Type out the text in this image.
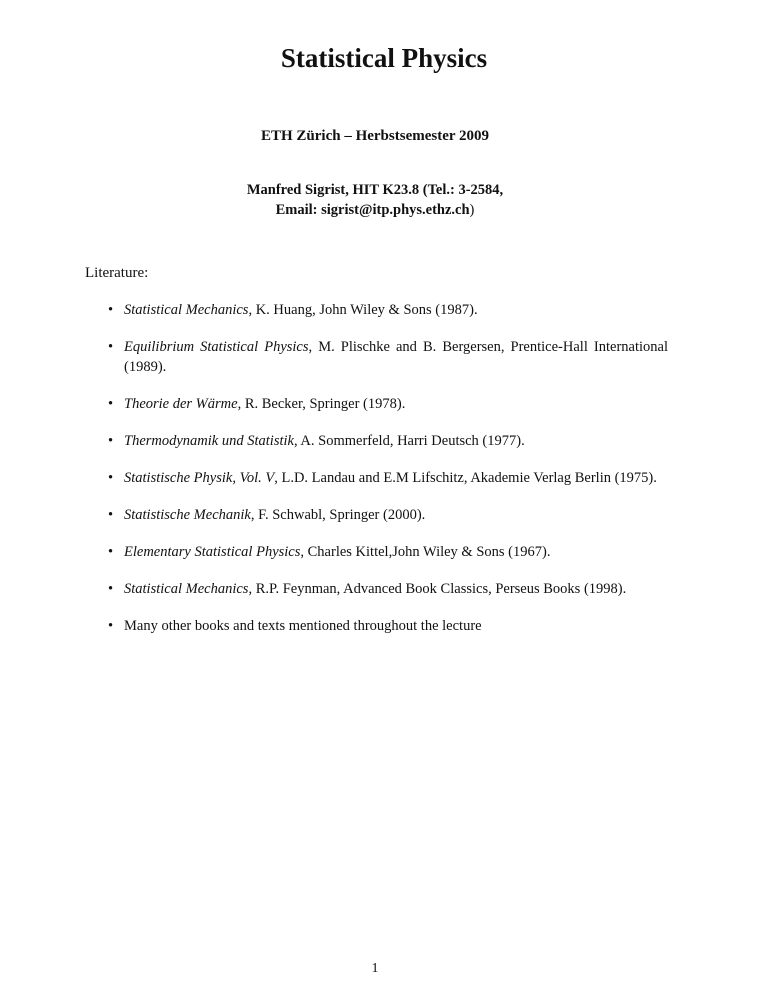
Statistical Physics
ETH Zürich – Herbstsemester 2009
Manfred Sigrist, HIT K23.8 (Tel.: 3-2584,
Email: sigrist@itp.phys.ethz.ch)
Literature:
• Statistical Mechanics, K. Huang, John Wiley & Sons (1987).
• Equilibrium Statistical Physics, M. Plischke and B. Bergersen, Prentice-Hall International (1989).
• Theorie der Wärme, R. Becker, Springer (1978).
• Thermodynamik und Statistik, A. Sommerfeld, Harri Deutsch (1977).
• Statistische Physik, Vol. V, L.D. Landau and E.M Lifschitz, Akademie Verlag Berlin (1975).
• Statistische Mechanik, F. Schwabl, Springer (2000).
• Elementary Statistical Physics, Charles Kittel,John Wiley & Sons (1967).
• Statistical Mechanics, R.P. Feynman, Advanced Book Classics, Perseus Books (1998).
• Many other books and texts mentioned throughout the lecture
1
